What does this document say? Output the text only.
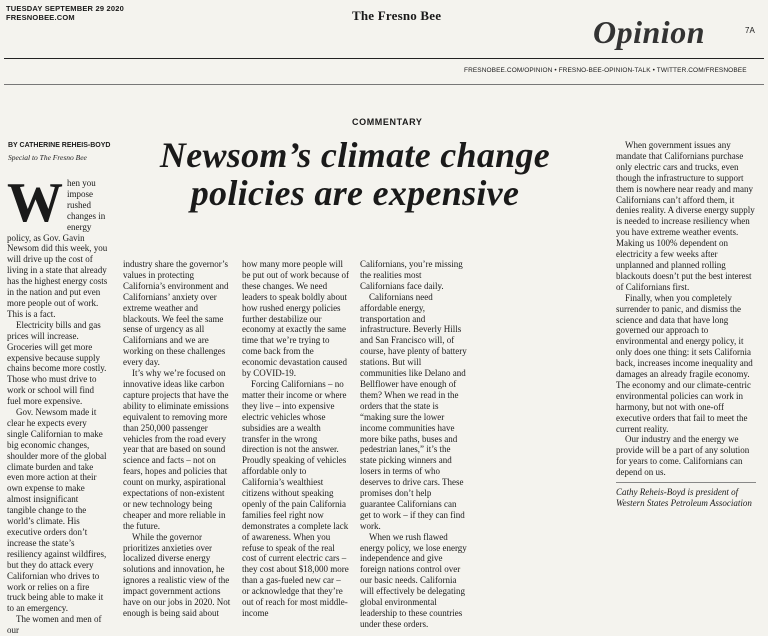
TUESDAY SEPTEMBER 29 2020
FRESNOBEE.COM	The Fresno Bee	Opinion	7A
FRESNOBEE.COM/OPINION • FRESNO-BEE-OPINION-TALK • TWITTER.COM/FRESNOBEE
COMMENTARY
Newsom’s climate change
policies are expensive
BY CATHERINE REHEIS-BOYD
Special to The Fresno Bee

When you impose rushed changes in energy policy, as Gov. Gavin Newsom did this week, you will drive up the cost of living in a state that already has the highest energy costs in the nation and put even more people out of work. This is a fact.

Electricity bills and gas prices will increase. Groceries will get more expensive because supply chains become more costly. Those who must drive to work or school will find fuel more expensive.

Gov. Newsom made it clear he expects every single Californian to make big economic changes, shoulder more of the global climate burden and take even more action at their own expense to make almost insignificant tangible change to the world’s climate. His executive orders don’t increase the state’s resiliency against wildfires, but they do attack every Californian who drives to work or relies on a fire truck being able to make it to an emergency.

The women and men of our

industry share the governor’s values in protecting California’s environment and Californians’ anxiety over extreme weather and blackouts. We feel the same sense of urgency as all Californians and we are working on these challenges every day.

It’s why we’re focused on innovative ideas like carbon capture projects that have the ability to eliminate emissions equivalent to removing more than 250,000 passenger vehicles from the road every year that are based on sound science and facts – not on fears, hopes and policies that count on murky, aspirational expectations of non-existent or new technology being cheaper and more reliable in the future.

While the governor prioritizes anxieties over localized diverse energy solutions and innovation, he ignores a realistic view of the impact government actions have on our jobs in 2020. Not enough is being said about

how many more people will be put out of work because of these changes. We need leaders to speak boldly about how rushed energy policies further destabilize our economy at exactly the same time that we’re trying to come back from the economic devastation caused by COVID-19.

Forcing Californians – no matter their income or where they live – into expensive electric vehicles whose subsidies are a wealth transfer in the wrong direction is not the answer. Proudly speaking of vehicles affordable only to California’s wealthiest citizens without speaking openly of the pain California families feel right now demonstrates a complete lack of awareness. When you refuse to speak of the real cost of current electric cars – they cost about $18,000 more than a gas-fueled new car – or acknowledge that they’re out of reach for most middle-income

Californians, you’re missing the realities most Californians face daily.

Californians need affordable energy, transportation and infrastructure. Beverly Hills and San Francisco will, of course, have plenty of battery stations. But will communities like Delano and Bellflower have enough of them? When we read in the orders that the state is “making sure the lower income communities have more bike paths, buses and pedestrian lanes,” it’s the state picking winners and losers in terms of who deserves to drive cars. These promises don’t help guarantee Californians can get to work – if they can find work.

When we rush flawed energy policy, we lose energy independence and give foreign nations control over our basic needs. California will effectively be delegating global environmental leadership to these countries under these orders.

When government issues any mandate that Californians purchase only electric cars and trucks, even though the infrastructure to support them is nowhere near ready and many Californians can’t afford them, it denies reality. A diverse energy supply is needed to increase resiliency when you have extreme weather events. Making us 100% dependent on electricity a few weeks after unplanned and planned rolling blackouts doesn’t put the best interest of Californians first.

Finally, when you completely surrender to panic, and dismiss the science and data that have long governed our approach to environmental and energy policy, it only does one thing: it sets California back, increases income inequality and damages an already fragile economy. The economy and our climate-centric environmental policies can work in harmony, but not with one-off executive orders that fail to meet the current reality.

Our industry and the energy we provide will be a part of any solution for years to come. Californians can depend on us.

Cathy Reheis-Boyd is president of Western States Petroleum Association
